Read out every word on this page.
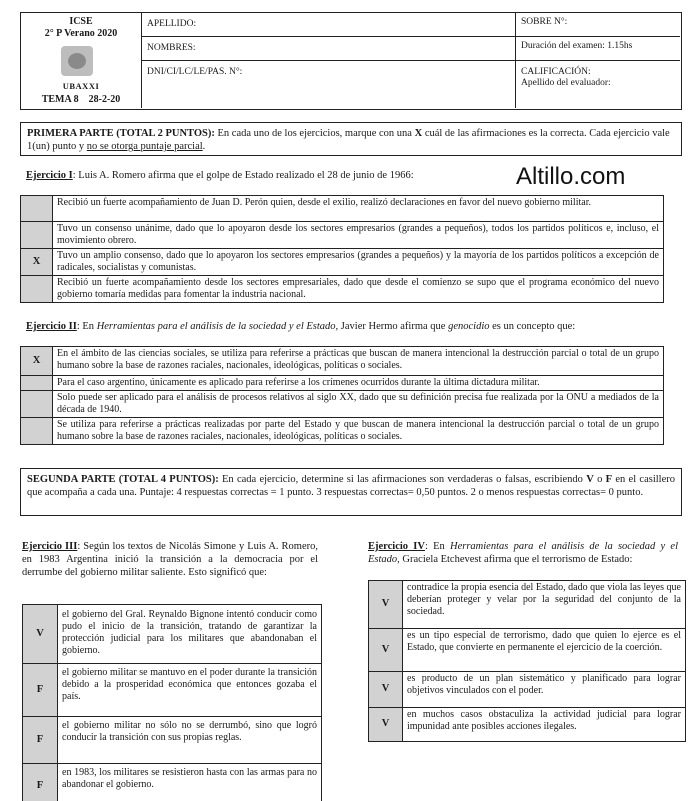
ICSE
2° P Verano 2020
UBAXXI
TEMA 8    28-2-20
APELLIDO:
NOMBRES:
DNI/CI/LC/LE/PAS. N°:
SOBRE N°:
Duración del examen: 1.15hs
CALIFICACIÓN:
Apellido del evaluador:
PRIMERA PARTE (TOTAL 2 PUNTOS): En cada uno de los ejercicios, marque con una X cuál de las afirmaciones es la correcta. Cada ejercicio vale 1(un) punto y no se otorga puntaje parcial.
Altillo.com
Ejercicio I: Luis A. Romero afirma que el golpe de Estado realizado el 28 de junio de 1966:
	Recibió un fuerte acompañamiento de Juan D. Perón quien, desde el exilio, realizó declaraciones en favor del nuevo gobierno militar.
	Tuvo un consenso unánime, dado que lo apoyaron desde los sectores empresarios (grandes a pequeños), todos los partidos políticos e, incluso, el movimiento obrero.
X	Tuvo un amplio consenso, dado que lo apoyaron los sectores empresarios (grandes a pequeños) y la mayoría de los partidos políticos a excepción de radicales, socialistas y comunistas.
	Recibió un fuerte acompañamiento desde los sectores empresariales, dado que desde el comienzo se supo que el programa económico del nuevo gobierno tomaría medidas para fomentar la industria nacional.
Ejercicio II: En Herramientas para el análisis de la sociedad y el Estado, Javier Hermo afirma que genocidio es un concepto que:
X	En el ámbito de las ciencias sociales, se utiliza para referirse a prácticas que buscan de manera intencional la destrucción parcial o total de un grupo humano sobre la base de razones raciales, nacionales, ideológicas, políticas o sociales.
	Para el caso argentino, únicamente es aplicado para referirse a los crímenes ocurridos durante la última dictadura militar.
	Solo puede ser aplicado para el análisis de procesos relativos al siglo XX, dado que su definición precisa fue realizada por la ONU a mediados de la década de 1940.
	Se utiliza para referirse a prácticas realizadas por parte del Estado y que buscan de manera intencional la destrucción parcial o total de un grupo humano sobre la base de razones raciales, nacionales, ideológicas, políticas o sociales.
SEGUNDA PARTE (TOTAL 4 PUNTOS): En cada ejercicio, determine si las afirmaciones son verdaderas o falsas, escribiendo V o F en el casillero que acompaña a cada una. Puntaje: 4 respuestas correctas = 1 punto. 3 respuestas correctas= 0,50 puntos. 2 o menos respuestas correctas= 0 punto.
Ejercicio III: Según los textos de Nicolás Simone y Luis A. Romero, en 1983 Argentina inició la transición a la democracia por el derrumbe del gobierno militar saliente. Esto significó que:
V	el gobierno del Gral. Reynaldo Bignone intentó conducir como pudo el inicio de la transición, tratando de garantizar la protección judicial para los militares que abandonaban el gobierno.
F	el gobierno militar se mantuvo en el poder durante la transición debido a la prosperidad económica que entonces gozaba el país.
F	el gobierno militar no sólo no se derrumbó, sino que logró conducir la transición con sus propias reglas.
F	en 1983, los militares se resistieron hasta con las armas para no abandonar el gobierno.
Ejercicio IV: En Herramientas para el análisis de la sociedad y el Estado, Graciela Etchevest afirma que el terrorismo de Estado:
V	contradice la propia esencia del Estado, dado que viola las leyes que deberían proteger y velar por la seguridad del conjunto de la sociedad.
V	es un tipo especial de terrorismo, dado que quien lo ejerce es el Estado, que convierte en permanente el ejercicio de la coerción.
V	es producto de un plan sistemático y planificado para lograr objetivos vinculados con el poder.
V	en muchos casos obstaculiza la actividad judicial para lograr impunidad ante posibles acciones ilegales.
